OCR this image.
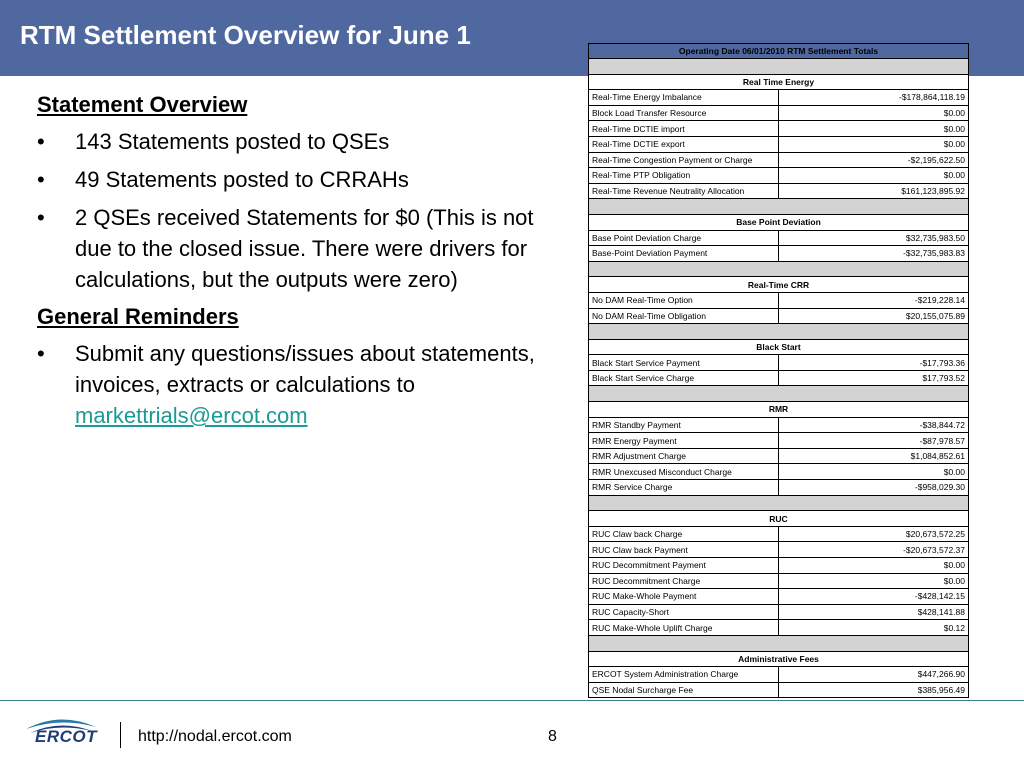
RTM Settlement Overview for June 1
Statement Overview
•	143 Statements posted to QSEs
•	49 Statements posted to CRRAHs
•	2 QSEs received Statements for $0 (This is not due to the closed issue. There were drivers for calculations, but the outputs were zero)
General Reminders
•	Submit any questions/issues about statements, invoices, extracts or calculations to markettrials@ercot.com
Operating Date 06/01/2010 RTM Settlement Totals	

Real Time Energy	
Real-Time Energy Imbalance	-$178,864,118.19
Block Load Transfer Resource	$0.00
Real-Time DCTIE import	$0.00
Real-Time DCTIE export	$0.00
Real-Time Congestion Payment or Charge	-$2,195,622.50
Real-Time PTP Obligation	$0.00
Real-Time Revenue Neutrality Allocation	$161,123,895.92

Base Point Deviation	
Base Point Deviation Charge	$32,735,983.50
Base-Point Deviation Payment	-$32,735,983.83

Real-Time CRR	
No DAM Real-Time Option	-$219,228.14
No DAM Real-Time Obligation	$20,155,075.89

Black Start	
Black Start Service Payment	-$17,793.36
Black Start Service Charge	$17,793.52

RMR	
RMR Standby Payment	-$38,844.72
RMR Energy Payment	-$87,978.57
RMR Adjustment Charge	$1,084,852.61
RMR Unexcused Misconduct Charge	$0.00
RMR Service Charge	-$958,029.30

RUC	
RUC Claw back Charge	$20,673,572.25
RUC Claw back Payment	-$20,673,572.37
RUC Decommitment Payment	$0.00
RUC Decommitment Charge	$0.00
RUC Make-Whole Payment	-$428,142.15
RUC Capacity-Short	$428,141.88
RUC Make-Whole Uplift Charge	$0.12

Administrative Fees	
ERCOT System Administration Charge	$447,266.90
QSE Nodal Surcharge Fee	$385,956.49
ERCOT	http://nodal.ercot.com	8
